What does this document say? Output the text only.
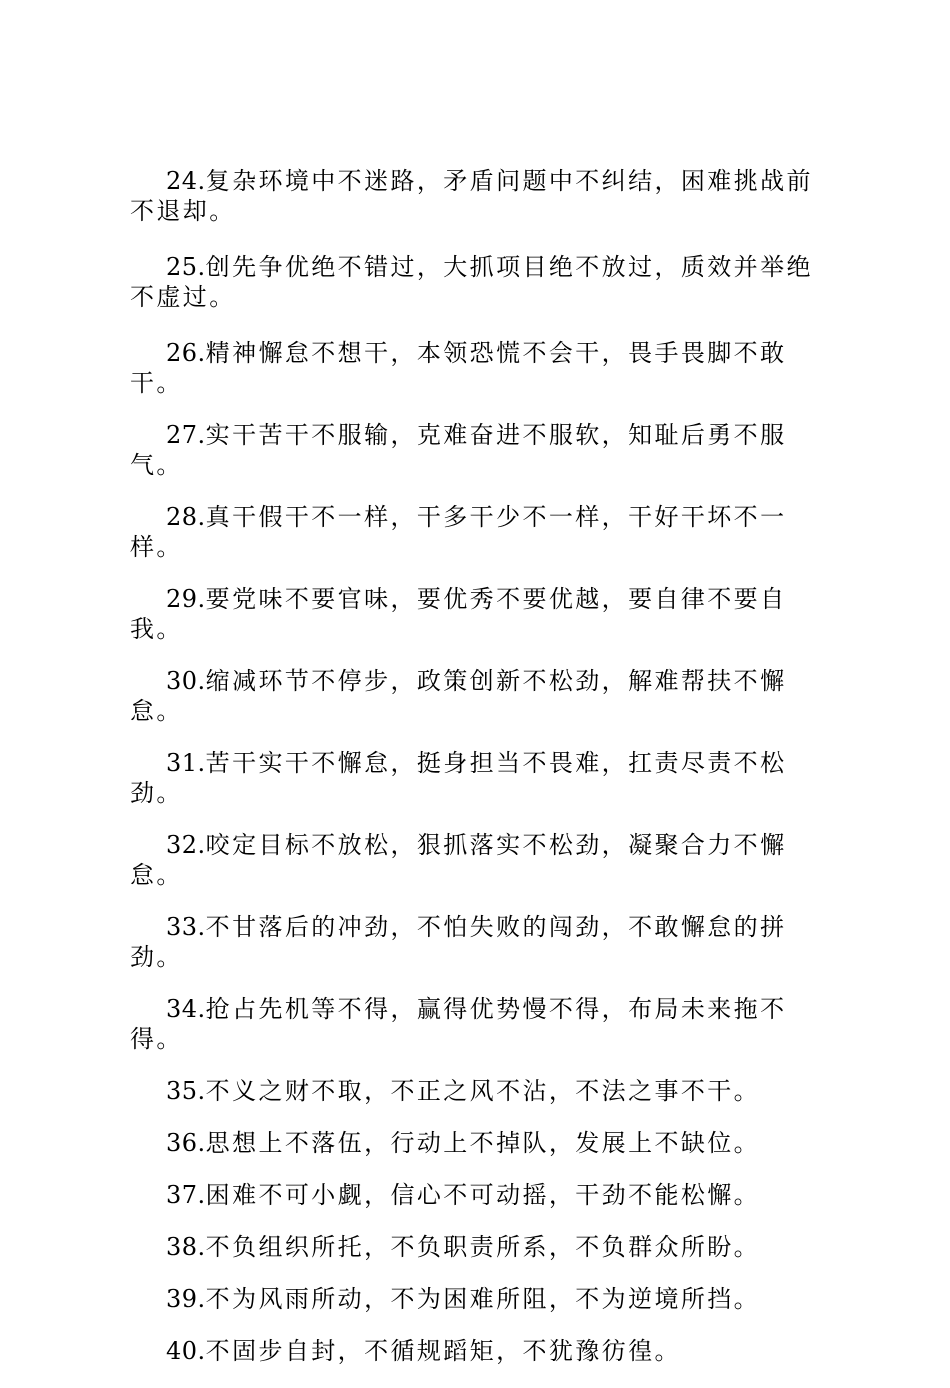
24.复杂环境中不迷路，矛盾问题中不纠结，困难挑战前不退却。

25.创先争优绝不错过，大抓项目绝不放过，质效并举绝不虚过。

26.精神懈怠不想干，本领恐慌不会干，畏手畏脚不敢干。

27.实干苦干不服输，克难奋进不服软，知耻后勇不服气。

28.真干假干不一样，干多干少不一样，干好干坏不一样。

29.要党味不要官味，要优秀不要优越，要自律不要自我。

30.缩减环节不停步，政策创新不松劲，解难帮扶不懈怠。

31.苦干实干不懈怠，挺身担当不畏难，扛责尽责不松劲。

32.咬定目标不放松，狠抓落实不松劲，凝聚合力不懈怠。

33.不甘落后的冲劲，不怕失败的闯劲，不敢懈怠的拼劲。

34.抢占先机等不得，赢得优势慢不得，布局未来拖不得。

35.不义之财不取，不正之风不沾，不法之事不干。

36.思想上不落伍，行动上不掉队，发展上不缺位。

37.困难不可小觑，信心不可动摇，干劲不能松懈。

38.不负组织所托，不负职责所系，不负群众所盼。

39.不为风雨所动，不为困难所阻，不为逆境所挡。

40.不固步自封，不循规蹈矩，不犹豫彷徨。
